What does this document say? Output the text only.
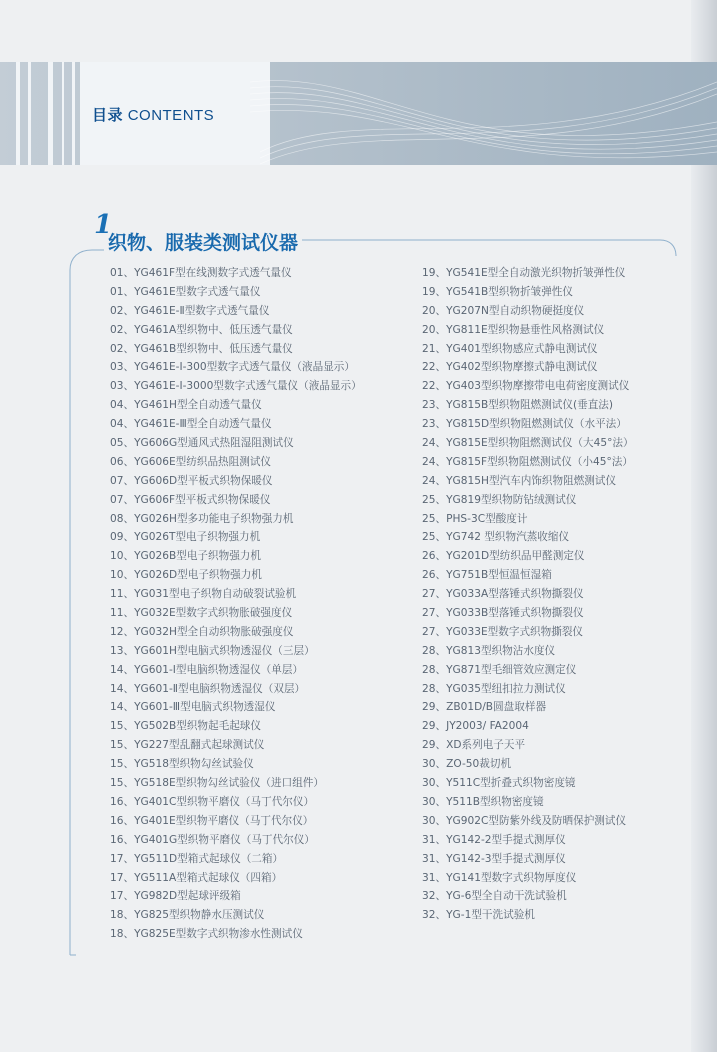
目录 CONTENTS
1
织物、服装类测试仪器
01、YG461F型在线测数字式透气量仪
01、YG461E型数字式透气量仪
02、YG461E-Ⅱ型数字式透气量仪
02、YG461A型织物中、低压透气量仪
02、YG461B型织物中、低压透气量仪
03、YG461E-Ⅰ-300型数字式透气量仪（液晶显示）
03、YG461E-Ⅰ-3000型数字式透气量仪（液晶显示）
04、YG461H型全自动透气量仪
04、YG461E-Ⅲ型全自动透气量仪
05、YG606G型通风式热阻湿阻测试仪
06、YG606E型纺织品热阻测试仪
07、YG606D型平板式织物保暖仪
07、YG606F型平板式织物保暖仪
08、YG026H型多功能电子织物强力机
09、YG026T型电子织物强力机
10、YG026B型电子织物强力机
10、YG026D型电子织物强力机
11、YG031型电子织物自动破裂试验机
11、YG032E型数字式织物胀破强度仪
12、YG032H型全自动织物胀破强度仪
13、YG601H型电脑式织物透湿仪（三层）
14、YG601-Ⅰ型电脑织物透湿仪（单层）
14、YG601-Ⅱ型电脑织物透湿仪（双层）
14、YG601-Ⅲ型电脑式织物透湿仪
15、YG502B型织物起毛起球仪
15、YG227型乱翻式起球测试仪
15、YG518型织物勾丝试验仪
15、YG518E型织物勾丝试验仪（进口组件）
16、YG401C型织物平磨仪（马丁代尔仪）
16、YG401E型织物平磨仪（马丁代尔仪）
16、YG401G型织物平磨仪（马丁代尔仪）
17、YG511D型箱式起球仪（二箱）
17、YG511A型箱式起球仪（四箱）
17、YG982D型起球评级箱
18、YG825型织物静水压测试仪
18、YG825E型数字式织物渗水性测试仪
19、YG541E型全自动激光织物折皱弹性仪
19、YG541B型织物折皱弹性仪
20、YG207N型自动织物硬挺度仪
20、YG811E型织物悬垂性风格测试仪
21、YG401型织物感应式静电测试仪
22、YG402型织物摩擦式静电测试仪
22、YG403型织物摩擦带电电荷密度测试仪
23、YG815B型织物阻燃测试仪(垂直法)
23、YG815D型织物阻燃测试仪（水平法）
24、YG815E型织物阻燃测试仪（大45°法）
24、YG815F型织物阻燃测试仪（小45°法）
24、YG815H型汽车内饰织物阻燃测试仪
25、YG819型织物防钻绒测试仪
25、PHS-3C型酸度计
25、YG742 型织物汽蒸收缩仪
26、YG201D型纺织品甲醛测定仪
26、YG751B型恒温恒湿箱
27、YG033A型落锤式织物撕裂仪
27、YG033B型落锤式织物撕裂仪
27、YG033E型数字式织物撕裂仪
28、YG813型织物沾水度仪
28、YG871型毛细管效应测定仪
28、YG035型纽扣拉力测试仪
29、ZB01D/B圆盘取样器
29、JY2003/ FA2004
29、XD系列电子天平
30、ZO-50裁切机
30、Y511C型折叠式织物密度镜
30、Y511B型织物密度镜
30、YG902C型防紫外线及防晒保护测试仪
31、YG142-2型手提式测厚仪
31、YG142-3型手提式测厚仪
31、YG141型数字式织物厚度仪
32、YG-6型全自动干洗试验机
32、YG-1型干洗试验机
